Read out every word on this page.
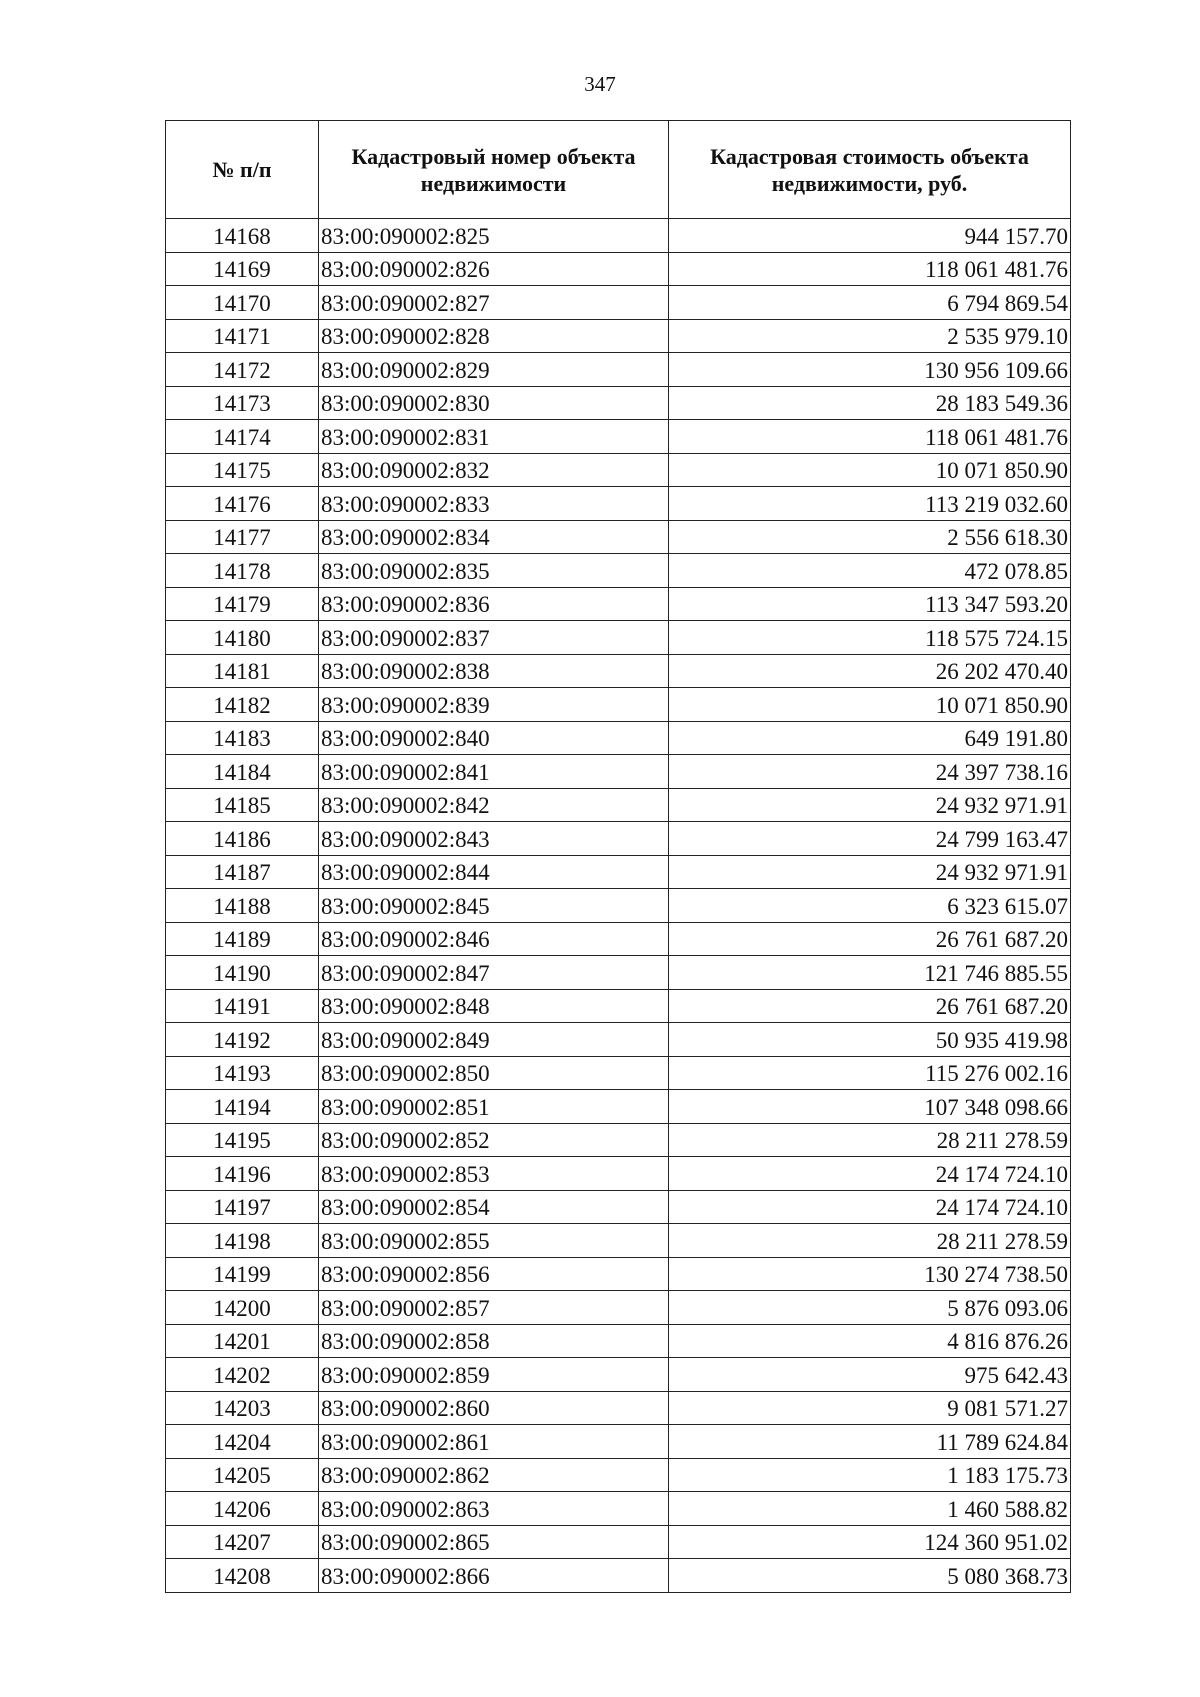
347
№ п/п	Кадастровый номер объекта недвижимости	Кадастровая стоимость объекта недвижимости, руб.
14168	83:00:090002:825	944 157.70
14169	83:00:090002:826	118 061 481.76
14170	83:00:090002:827	6 794 869.54
14171	83:00:090002:828	2 535 979.10
14172	83:00:090002:829	130 956 109.66
14173	83:00:090002:830	28 183 549.36
14174	83:00:090002:831	118 061 481.76
14175	83:00:090002:832	10 071 850.90
14176	83:00:090002:833	113 219 032.60
14177	83:00:090002:834	2 556 618.30
14178	83:00:090002:835	472 078.85
14179	83:00:090002:836	113 347 593.20
14180	83:00:090002:837	118 575 724.15
14181	83:00:090002:838	26 202 470.40
14182	83:00:090002:839	10 071 850.90
14183	83:00:090002:840	649 191.80
14184	83:00:090002:841	24 397 738.16
14185	83:00:090002:842	24 932 971.91
14186	83:00:090002:843	24 799 163.47
14187	83:00:090002:844	24 932 971.91
14188	83:00:090002:845	6 323 615.07
14189	83:00:090002:846	26 761 687.20
14190	83:00:090002:847	121 746 885.55
14191	83:00:090002:848	26 761 687.20
14192	83:00:090002:849	50 935 419.98
14193	83:00:090002:850	115 276 002.16
14194	83:00:090002:851	107 348 098.66
14195	83:00:090002:852	28 211 278.59
14196	83:00:090002:853	24 174 724.10
14197	83:00:090002:854	24 174 724.10
14198	83:00:090002:855	28 211 278.59
14199	83:00:090002:856	130 274 738.50
14200	83:00:090002:857	5 876 093.06
14201	83:00:090002:858	4 816 876.26
14202	83:00:090002:859	975 642.43
14203	83:00:090002:860	9 081 571.27
14204	83:00:090002:861	11 789 624.84
14205	83:00:090002:862	1 183 175.73
14206	83:00:090002:863	1 460 588.82
14207	83:00:090002:865	124 360 951.02
14208	83:00:090002:866	5 080 368.73
